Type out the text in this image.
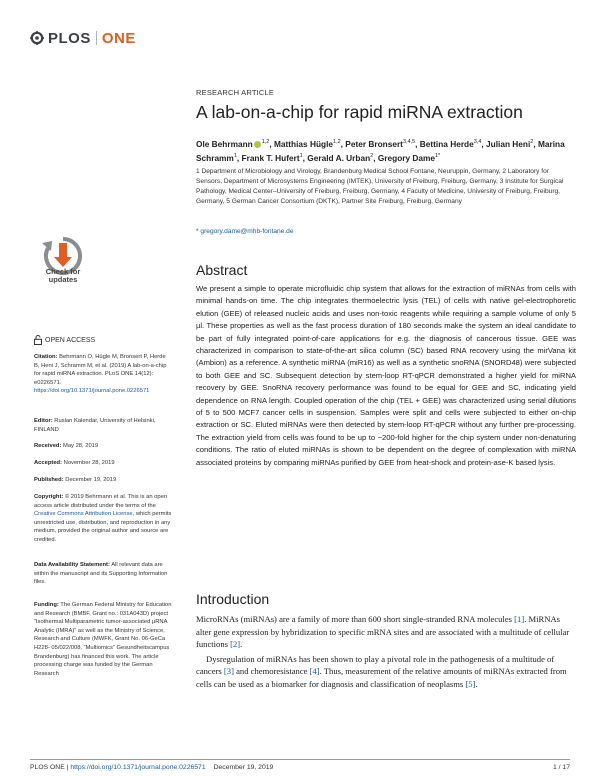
PLOS ONE
RESEARCH ARTICLE
A lab-on-a-chip for rapid miRNA extraction
Ole Behrmann $^{1,2}$, Matthias Hügle$^{1,2}$, Peter Bronsert$^{3,4,5}$, Bettina Herde$^{3,4}$, Julian Heni$^2$, Marina Schramm$^1$, Frank T. Hufert$^1$, Gerald A. Urban$^2$, Gregory Dame$^{1*}$
1 Department of Microbiology and Virology, Brandenburg Medical School Fontane, Neuruppin, Germany, 2 Laboratory for Sensors, Department of Microsystems Engineering (IMTEK), University of Freiburg, Freiburg, Germany, 3 Institute for Surgical Pathology, Medical Center–University of Freiburg, Freiburg, Germany, 4 Faculty of Medicine, University of Freiburg, Freiburg, Germany, 5 German Cancer Consortium (DKTK), Partner Site Freiburg, Freiburg, Germany
* gregory.dame@mhb-fontane.de
Check for
updates
OPEN ACCESS
Citation: Behrmann O, Hügle M, Bronsert P, Herde B, Heni J, Schramm M, et al. (2019) A lab-on-a-chip for rapid miRNA extraction. PLoS ONE 14(12): e0226571. https://doi.org/10.1371/journal.pone.0226571
Editor: Ruslan Kalendar, University of Helsinki, FINLAND
Received: May 28, 2019
Accepted: November 28, 2019
Published: December 19, 2019
Copyright: © 2019 Behrmann et al. This is an open access article distributed under the terms of the Creative Commons Attribution License, which permits unrestricted use, distribution, and reproduction in any medium, provided the original author and source are credited.
Data Availability Statement: All relevant data are within the manuscript and its Supporting Information files.
Funding: The German Federal Ministry for Education and Research (BMBF, Grant no.: 031A043D) project “Isothermal Multiparametric tumor-associated µRNA Analytic (IMRA)” as well as the Ministry of Science, Research and Culture (MWFK, Grant No. 06-GeCa H228- 05/022/008, “Multiomics” Gesundheitscampus Brandenburg) has financed this work. The article processing charge was funded by the German Research
Abstract
We present a simple to operate microfluidic chip system that allows for the extraction of miRNAs from cells with minimal hands-on time. The chip integrates thermoelectric lysis (TEL) of cells with native gel-electrophoretic elution (GEE) of released nucleic acids and uses non-toxic reagents while requiring a sample volume of only 5 µl. These properties as well as the fast process duration of 180 seconds make the system an ideal candidate to be part of fully integrated point-of-care applications for e.g. the diagnosis of cancerous tissue. GEE was characterized in comparison to state-of-the-art silica column (SC) based RNA recovery using the mirVana kit (Ambion) as a reference. A synthetic miRNA (miR16) as well as a synthetic snoRNA (SNORD48) were subjected to both GEE and SC. Subsequent detection by stem-loop RT-qPCR demonstrated a higher yield for miRNA recovery by GEE. SnoRNA recovery performance was found to be equal for GEE and SC, indicating yield dependence on RNA length. Coupled operation of the chip (TEL + GEE) was characterized using serial dilutions of 5 to 500 MCF7 cancer cells in suspension. Samples were split and cells were subjected to either on-chip extraction or SC. Eluted miRNAs were then detected by stem-loop RT-qPCR without any further pre-processing. The extraction yield from cells was found to be up to ~200-fold higher for the chip system under non-denaturing conditions. The ratio of eluted miRNAs is shown to be dependent on the degree of complexation with miRNA associated proteins by comparing miRNAs purified by GEE from heat-shock and protein-ase-K based lysis.
Introduction

MicroRNAs (miRNAs) are a family of more than 600 short single-stranded RNA molecules [1]. MiRNAs alter gene expression by hybridization to specific mRNA sites and are associated with a multitude of cellular functions [2].

Dysregulation of miRNAs has been shown to play a pivotal role in the pathogenesis of a multitude of cancers [3] and chemoresistance [4]. Thus, measurement of the relative amounts of miRNAs extracted from cells can be used as a biomarker for diagnosis and classification of neoplasms [5].

PLOS ONE | https://doi.org/10.1371/journal.pone.0226571 December 19, 2019	1 / 17
